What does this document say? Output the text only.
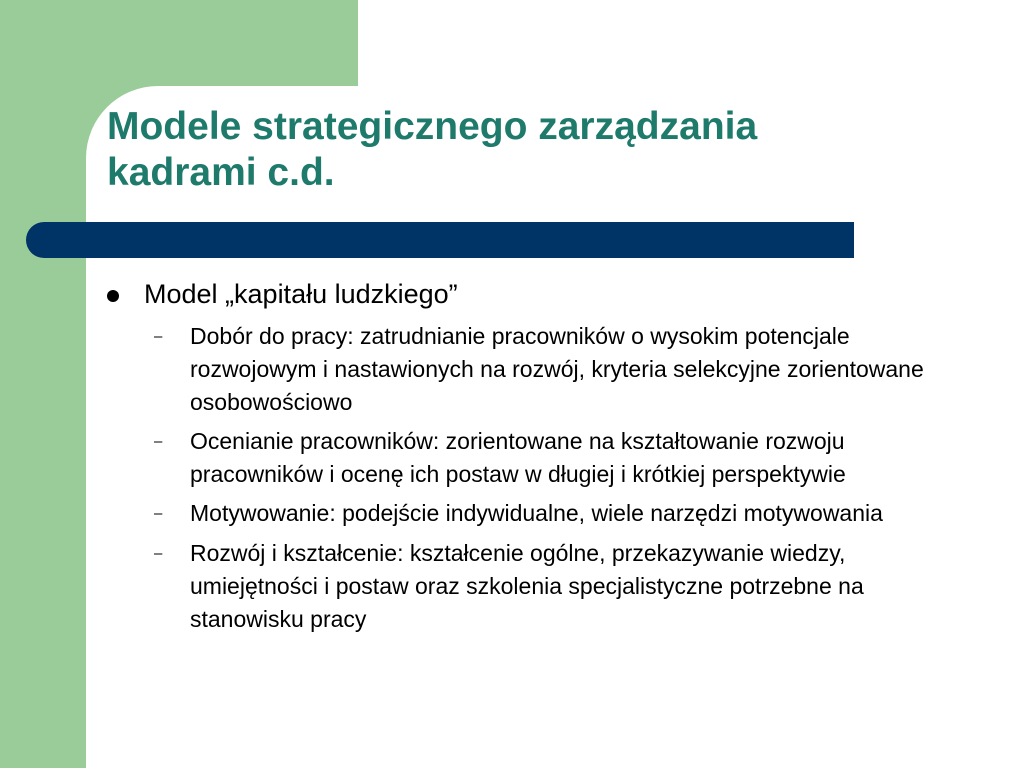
Modele strategicznego zarządzania kadrami c.d.
Model „kapitału ludzkiego”
–	Dobór do pracy: zatrudnianie pracowników o wysokim potencjale rozwojowym i nastawionych na rozwój, kryteria selekcyjne zorientowane osobowościowo
–	Ocenianie pracowników: zorientowane na kształtowanie rozwoju pracowników i ocenę ich postaw w długiej i krótkiej perspektywie
–	Motywowanie: podejście indywidualne, wiele narzędzi motywowania
–	Rozwój i kształcenie: kształcenie ogólne, przekazywanie wiedzy, umiejętności i postaw oraz szkolenia specjalistyczne potrzebne na stanowisku pracy
